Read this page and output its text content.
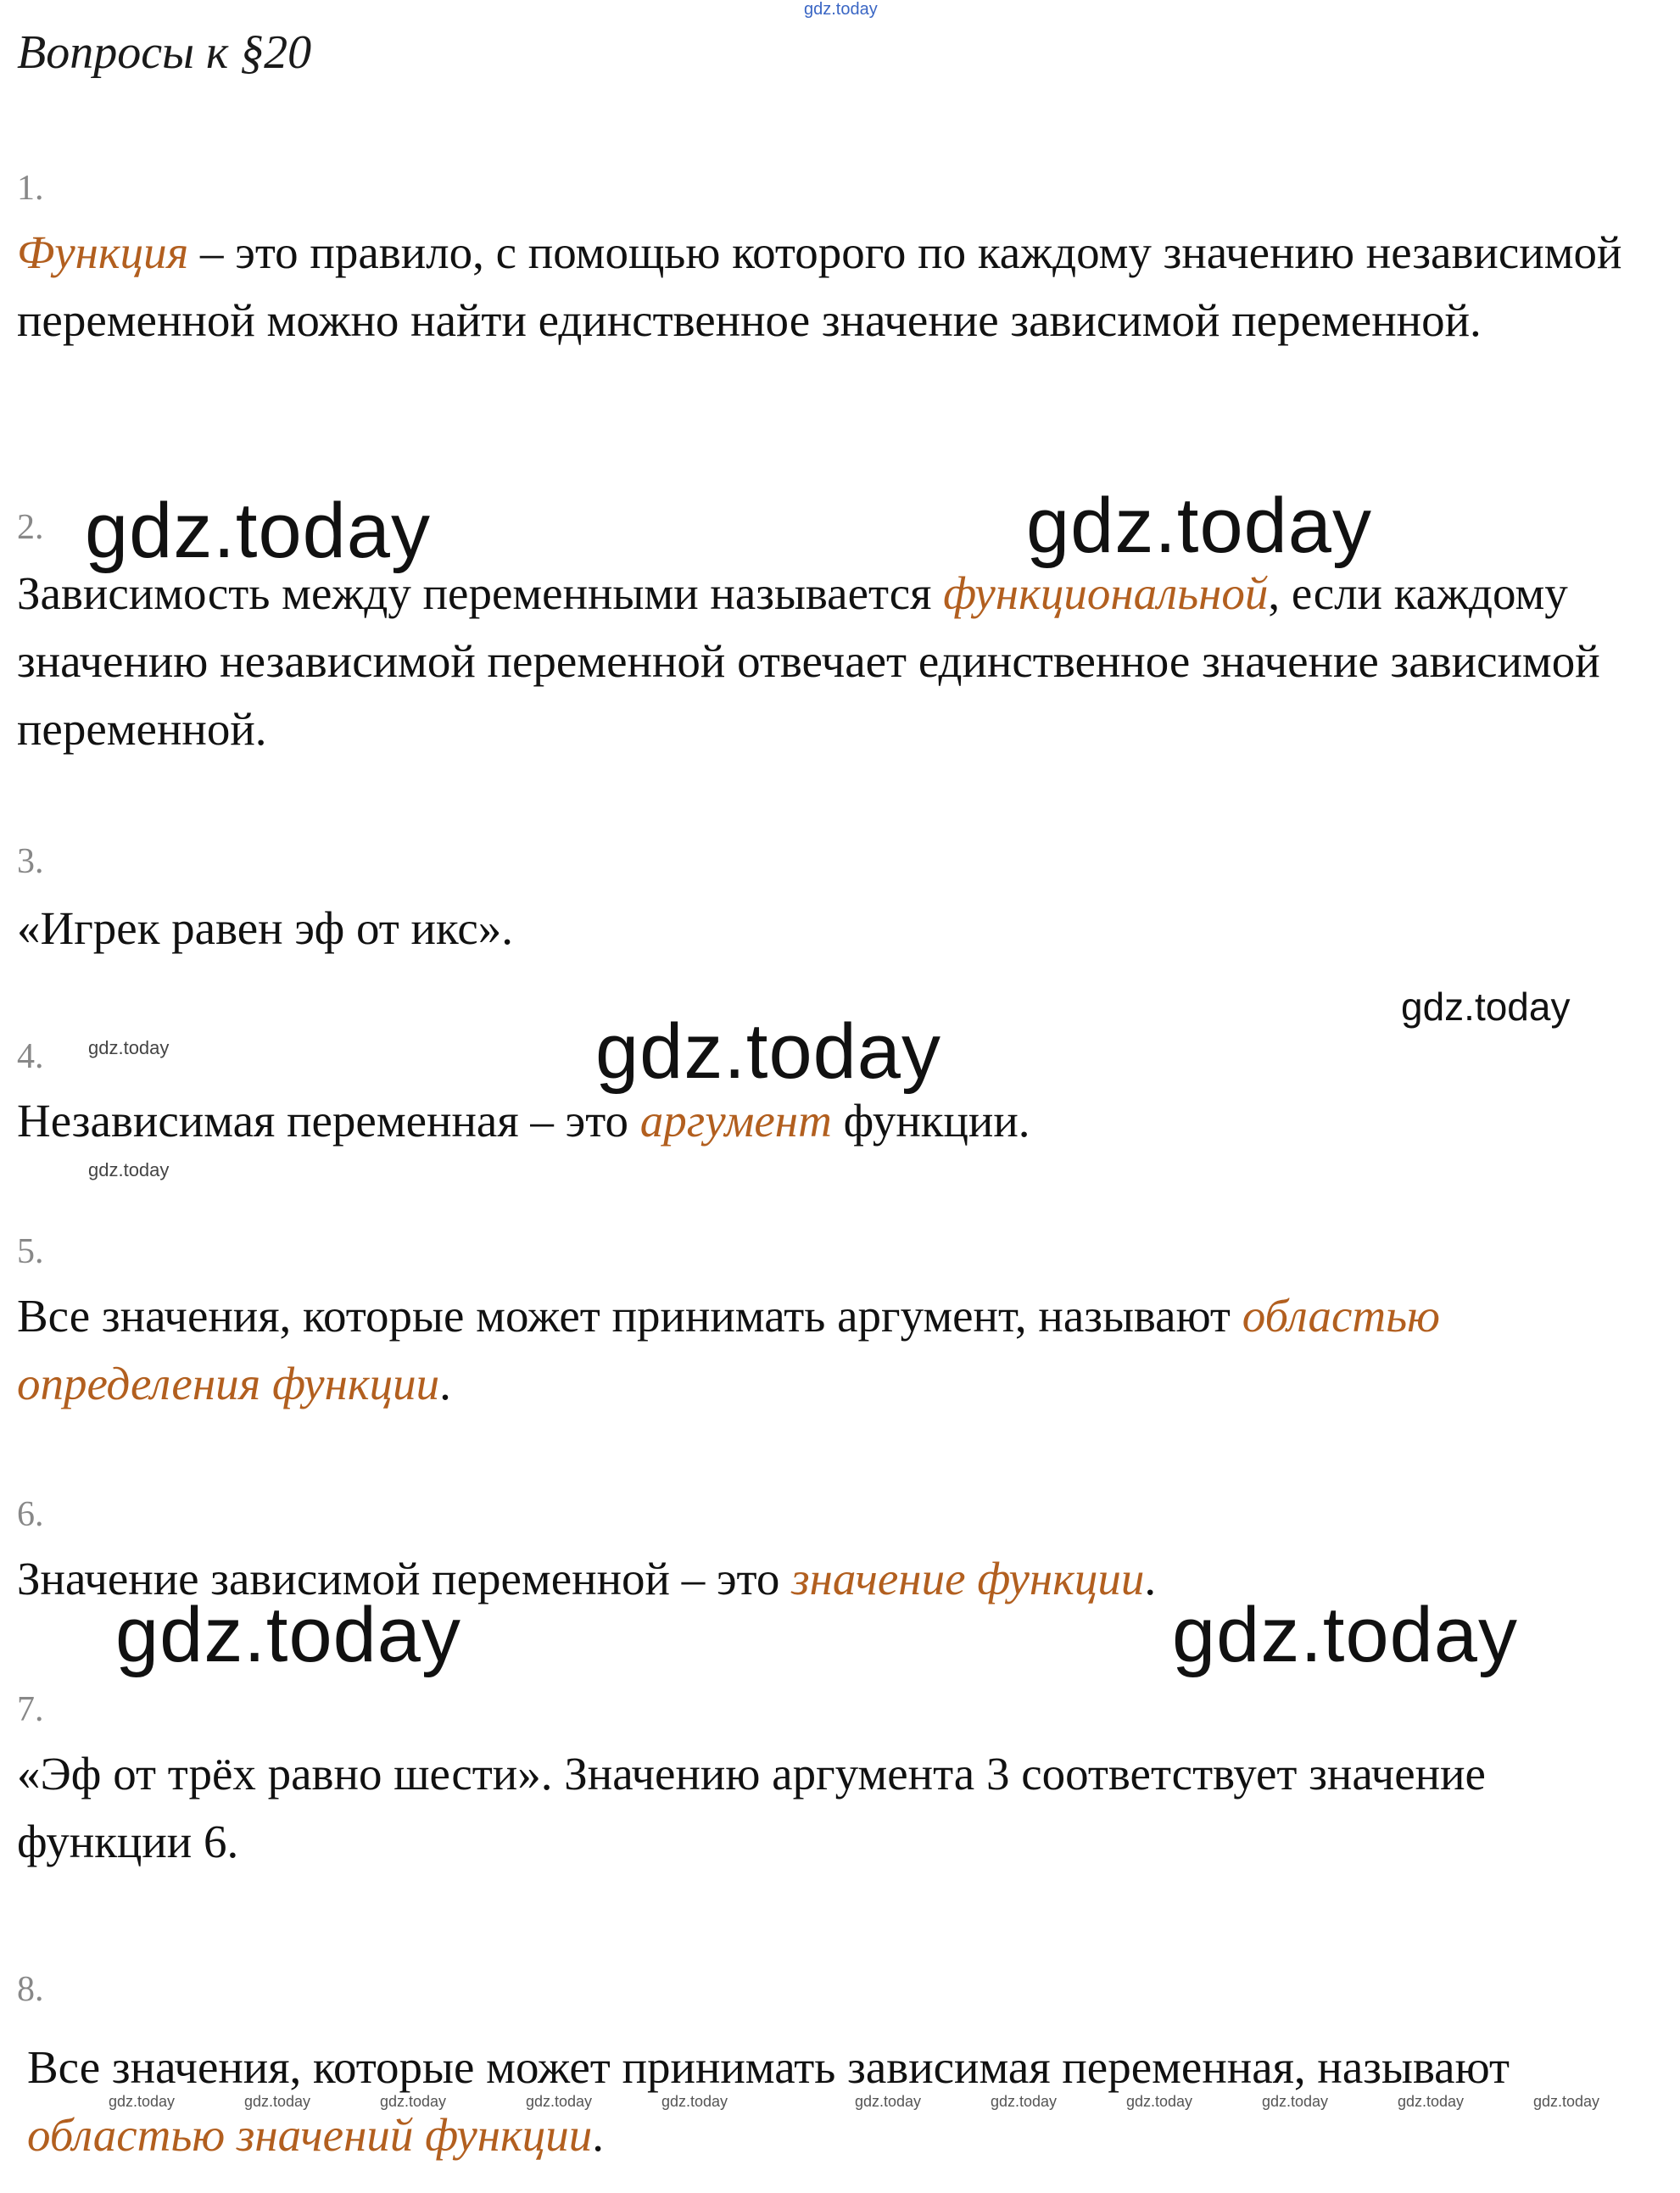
gdz.today
Вопросы к §20
1.

Функция – это правило, с помощью которого по каждому значению независимой переменной можно найти единственное значение зависимой переменной.

2.

Зависимость между переменными называется функциональной, если каждому значению независимой переменной отвечает единственное значение зависимой переменной.

3.

«Игрек равен эф от икс».

4.

Независимая переменная – это аргумент функции.

5.

Все значения, которые может принимать аргумент, называют областью определения функции.

6.

Значение зависимой переменной – это значение функции.

7.

«Эф от трёх равно шести». Значению аргумента 3 соответствует значение функции 6.

8.

Все значения, которые может принимать зависимая переменная, называют областью значений функции.

gdz.today	gdz.today
gdz.today
gdz.today	gdz.today
gdz.today
gdz.today	gdz.today
gdz.today	gdz.today	gdz.today	gdz.today	gdz.today	gdz.today	gdz.today	gdz.today	gdz.today	gdz.today	gdz.today
